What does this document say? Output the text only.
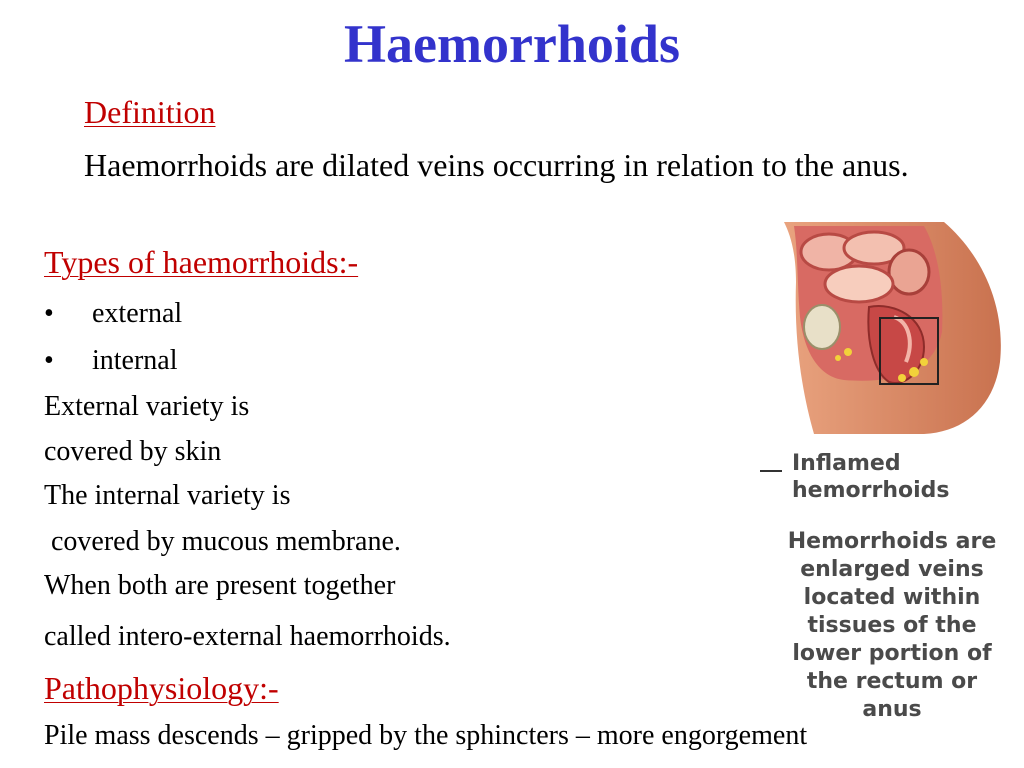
Haemorrhoids

Definition

Haemorrhoids are dilated veins occurring in relation to the anus.

Types of haemorrhoids:-

• external
• internal

External variety is

covered by skin

The internal variety is

covered by mucous membrane.

When both are present together

called intero-external haemorrhoids.

Pathophysiology:-

Pile mass descends – gripped by the sphincters – more engorgement

Inflamed hemorrhoids
Hemorrhoids are enlarged veins located within tissues of the lower portion of the rectum or anus
